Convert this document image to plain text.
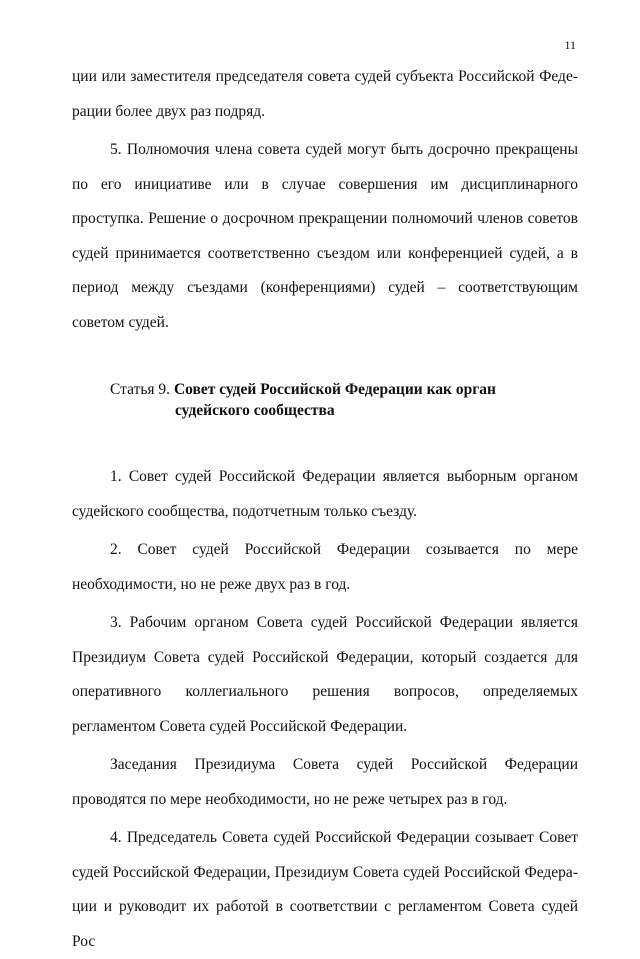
11

ции или заместителя председателя совета судей субъекта Российской Федерации более двух раз подряд.

5. Полномочия члена совета судей могут быть досрочно прекращены по его инициативе или в случае совершения им дисциплинарного проступка. Решение о досрочном прекращении полномочий членов советов судей принимается соответственно съездом или конференцией судей, а в период между съездами (конференциями) судей – соответствующим советом судей.

Статья 9. Совет судей Российской Федерации как орган
судейского сообщества

1. Совет судей Российской Федерации является выборным органом судейского сообщества, подотчетным только съезду.

2. Совет судей Российской Федерации созывается по мере необходимости, но не реже двух раз в год.

3. Рабочим органом Совета судей Российской Федерации является Президиум Совета судей Российской Федерации, который создается для оперативного коллегиального решения вопросов, определяемых регламентом Совета судей Российской Федерации.

Заседания Президиума Совета судей Российской Федерации проводятся по мере необходимости, но не реже четырех раз в год.

4. Председатель Совета судей Российской Федерации созывает Совет судей Российской Федерации, Президиум Совета судей Российской Федерации и руководит их работой в соответствии с регламентом Совета судей Рос
